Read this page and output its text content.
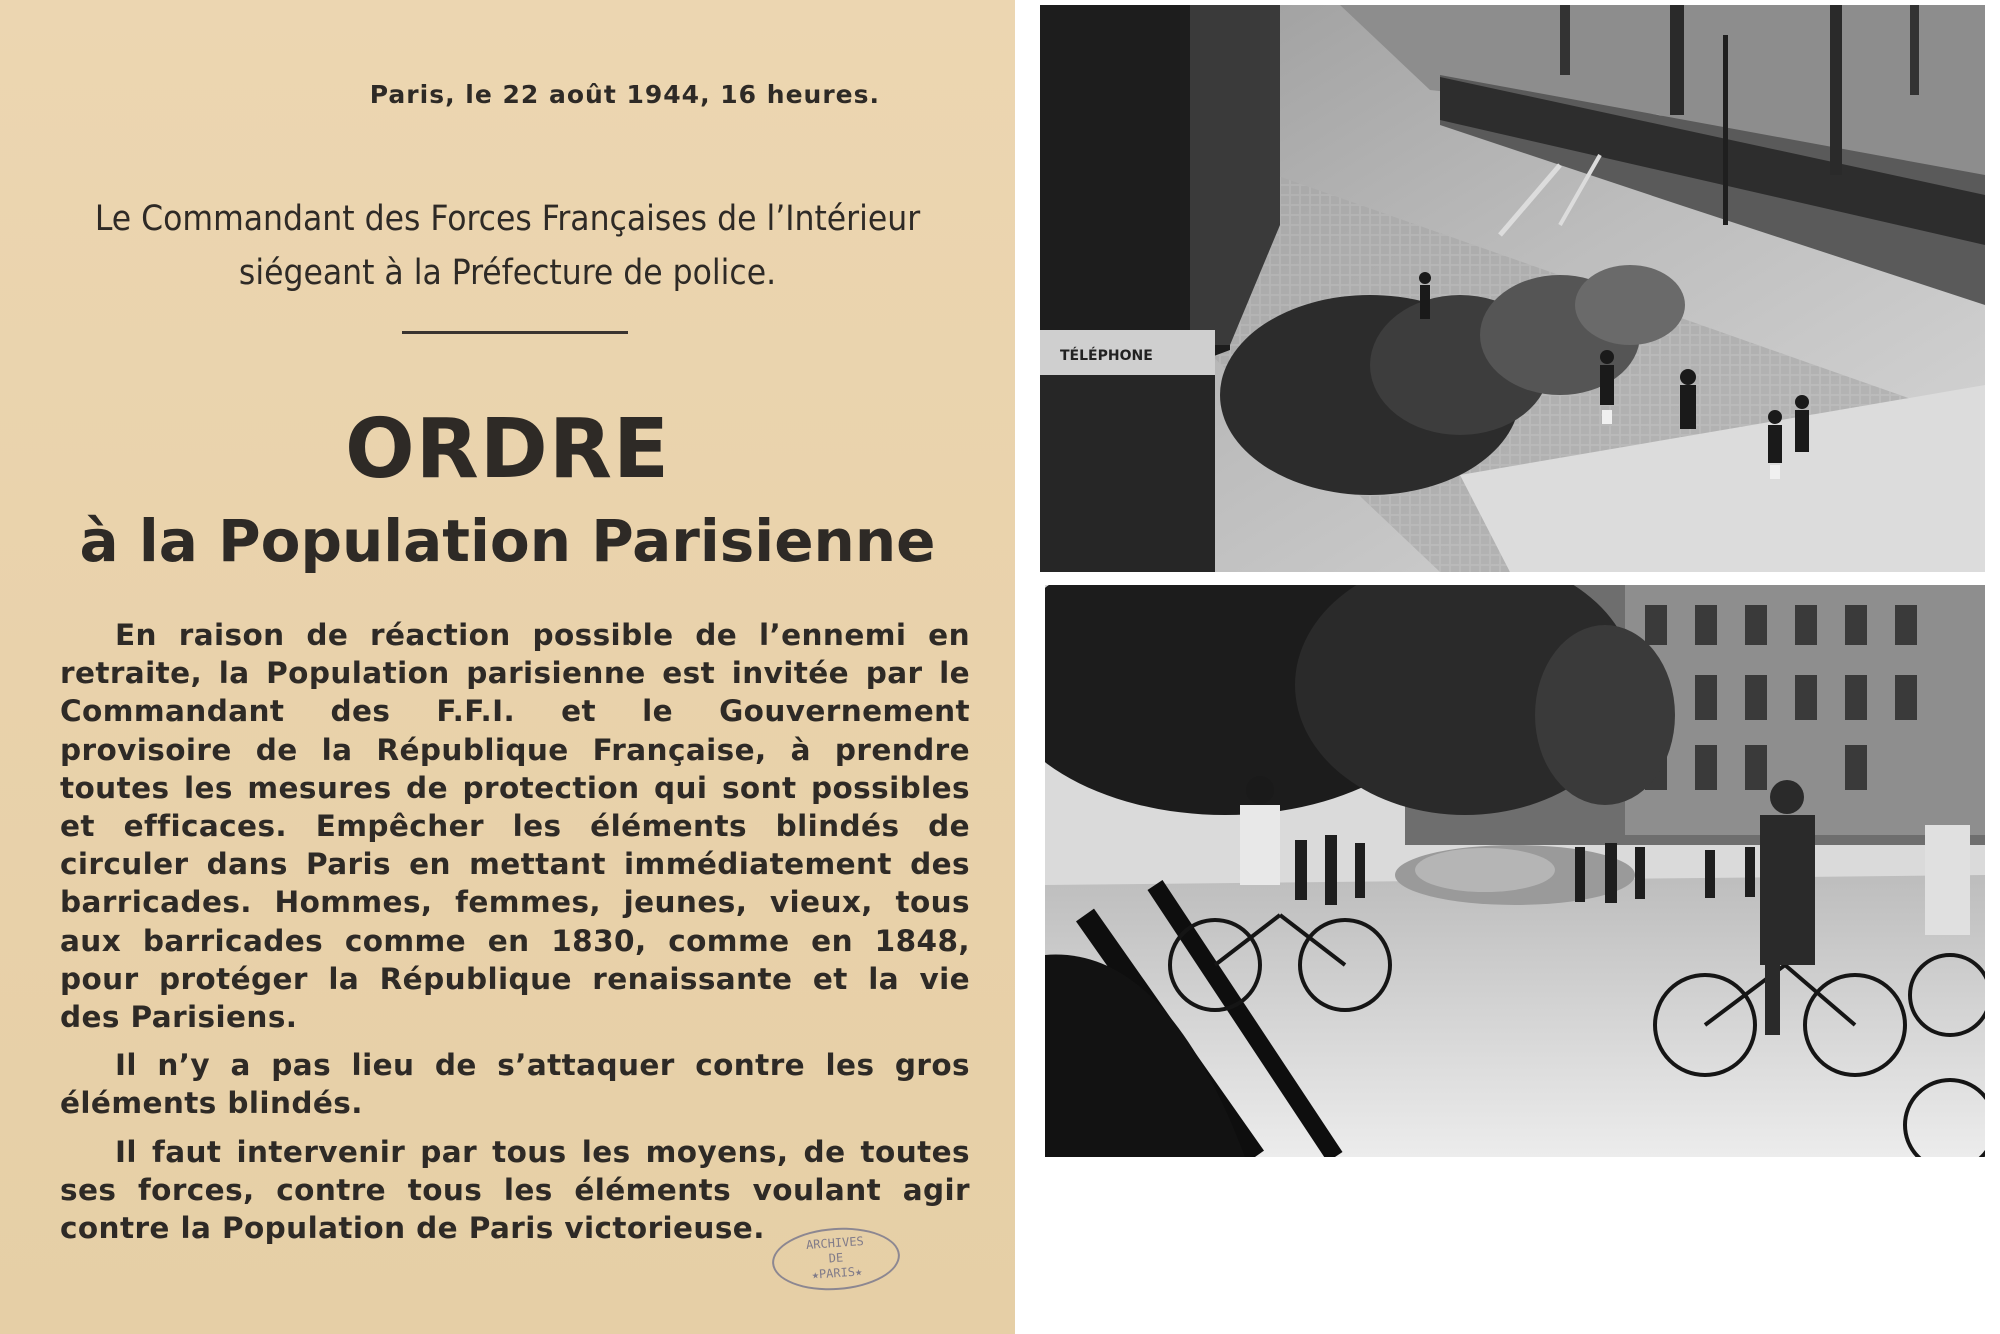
Paris, le 22 août 1944, 16 heures.
Le Commandant des Forces Françaises de l’Intérieur
siégeant à la Préfecture de police.
ORDRE
à la Population Parisienne

En raison de réaction possible de l’ennemi en retraite, la Population parisienne est invitée par le Commandant des F.F.I. et le Gouvernement provisoire de la République Française, à prendre toutes les mesures de protection qui sont possibles et efficaces. Empêcher les éléments blindés de circuler dans Paris en mettant immédiatement des barricades. Hommes, femmes, jeunes, vieux, tous aux barricades comme en 1830, comme en 1848, pour protéger la République renaissante et la vie des Parisiens.

Il n’y a pas lieu de s’attaquer contre les gros éléments blindés.

Il faut intervenir par tous les moyens, de toutes ses forces, contre tous les éléments voulant agir contre la Population de Paris victorieuse.	ARCHIVES
DE
★PARIS★
TÉLÉPHONE
